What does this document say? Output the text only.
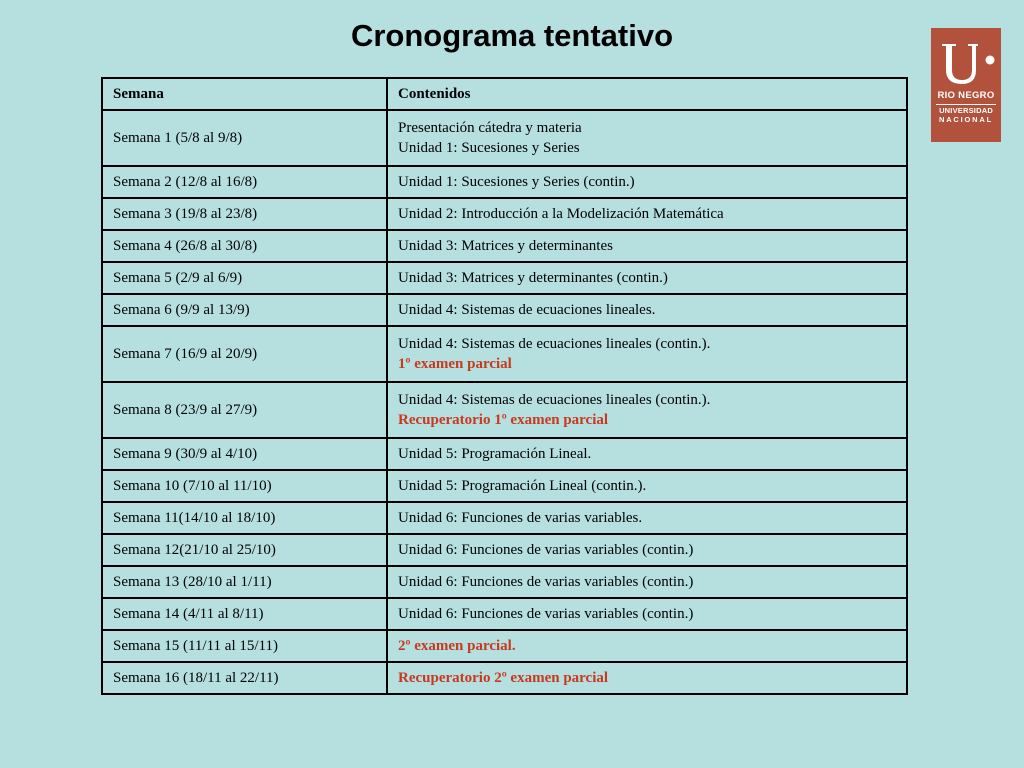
Cronograma tentativo
RIO NEGRO
UNIVERSIDAD
NACIONAL
Semana	Contenidos
Semana 1 (5/8 al 9/8)	Presentación cátedra y materia
Unidad 1: Sucesiones y Series

Semana 2 (12/8 al 16/8)	Unidad 1: Sucesiones y Series (contin.)
Semana 3 (19/8 al 23/8)	Unidad 2: Introducción a la Modelización Matemática
Semana 4 (26/8 al 30/8)	Unidad 3: Matrices y determinantes
Semana 5 (2/9 al 6/9)	Unidad 3: Matrices y determinantes (contin.)
Semana 6 (9/9 al 13/9)	Unidad 4: Sistemas de ecuaciones lineales.
Semana 7 (16/9 al 20/9)	Unidad 4: Sistemas de ecuaciones lineales (contin.).
1º examen parcial

Semana 8 (23/9 al 27/9)	Unidad 4: Sistemas de ecuaciones lineales (contin.).
Recuperatorio 1º examen parcial

Semana 9 (30/9 al 4/10)	Unidad 5: Programación Lineal.
Semana 10 (7/10 al 11/10)	Unidad 5: Programación Lineal (contin.).
Semana 11(14/10 al 18/10)	Unidad 6: Funciones de varias variables.
Semana 12(21/10 al 25/10)	Unidad 6: Funciones de varias variables (contin.)
Semana 13 (28/10 al 1/11)	Unidad 6: Funciones de varias variables (contin.)
Semana 14 (4/11 al 8/11)	Unidad 6: Funciones de varias variables (contin.)
Semana 15 (11/11 al 15/11)	2º examen parcial.
Semana 16 (18/11 al 22/11)	Recuperatorio 2º examen parcial
